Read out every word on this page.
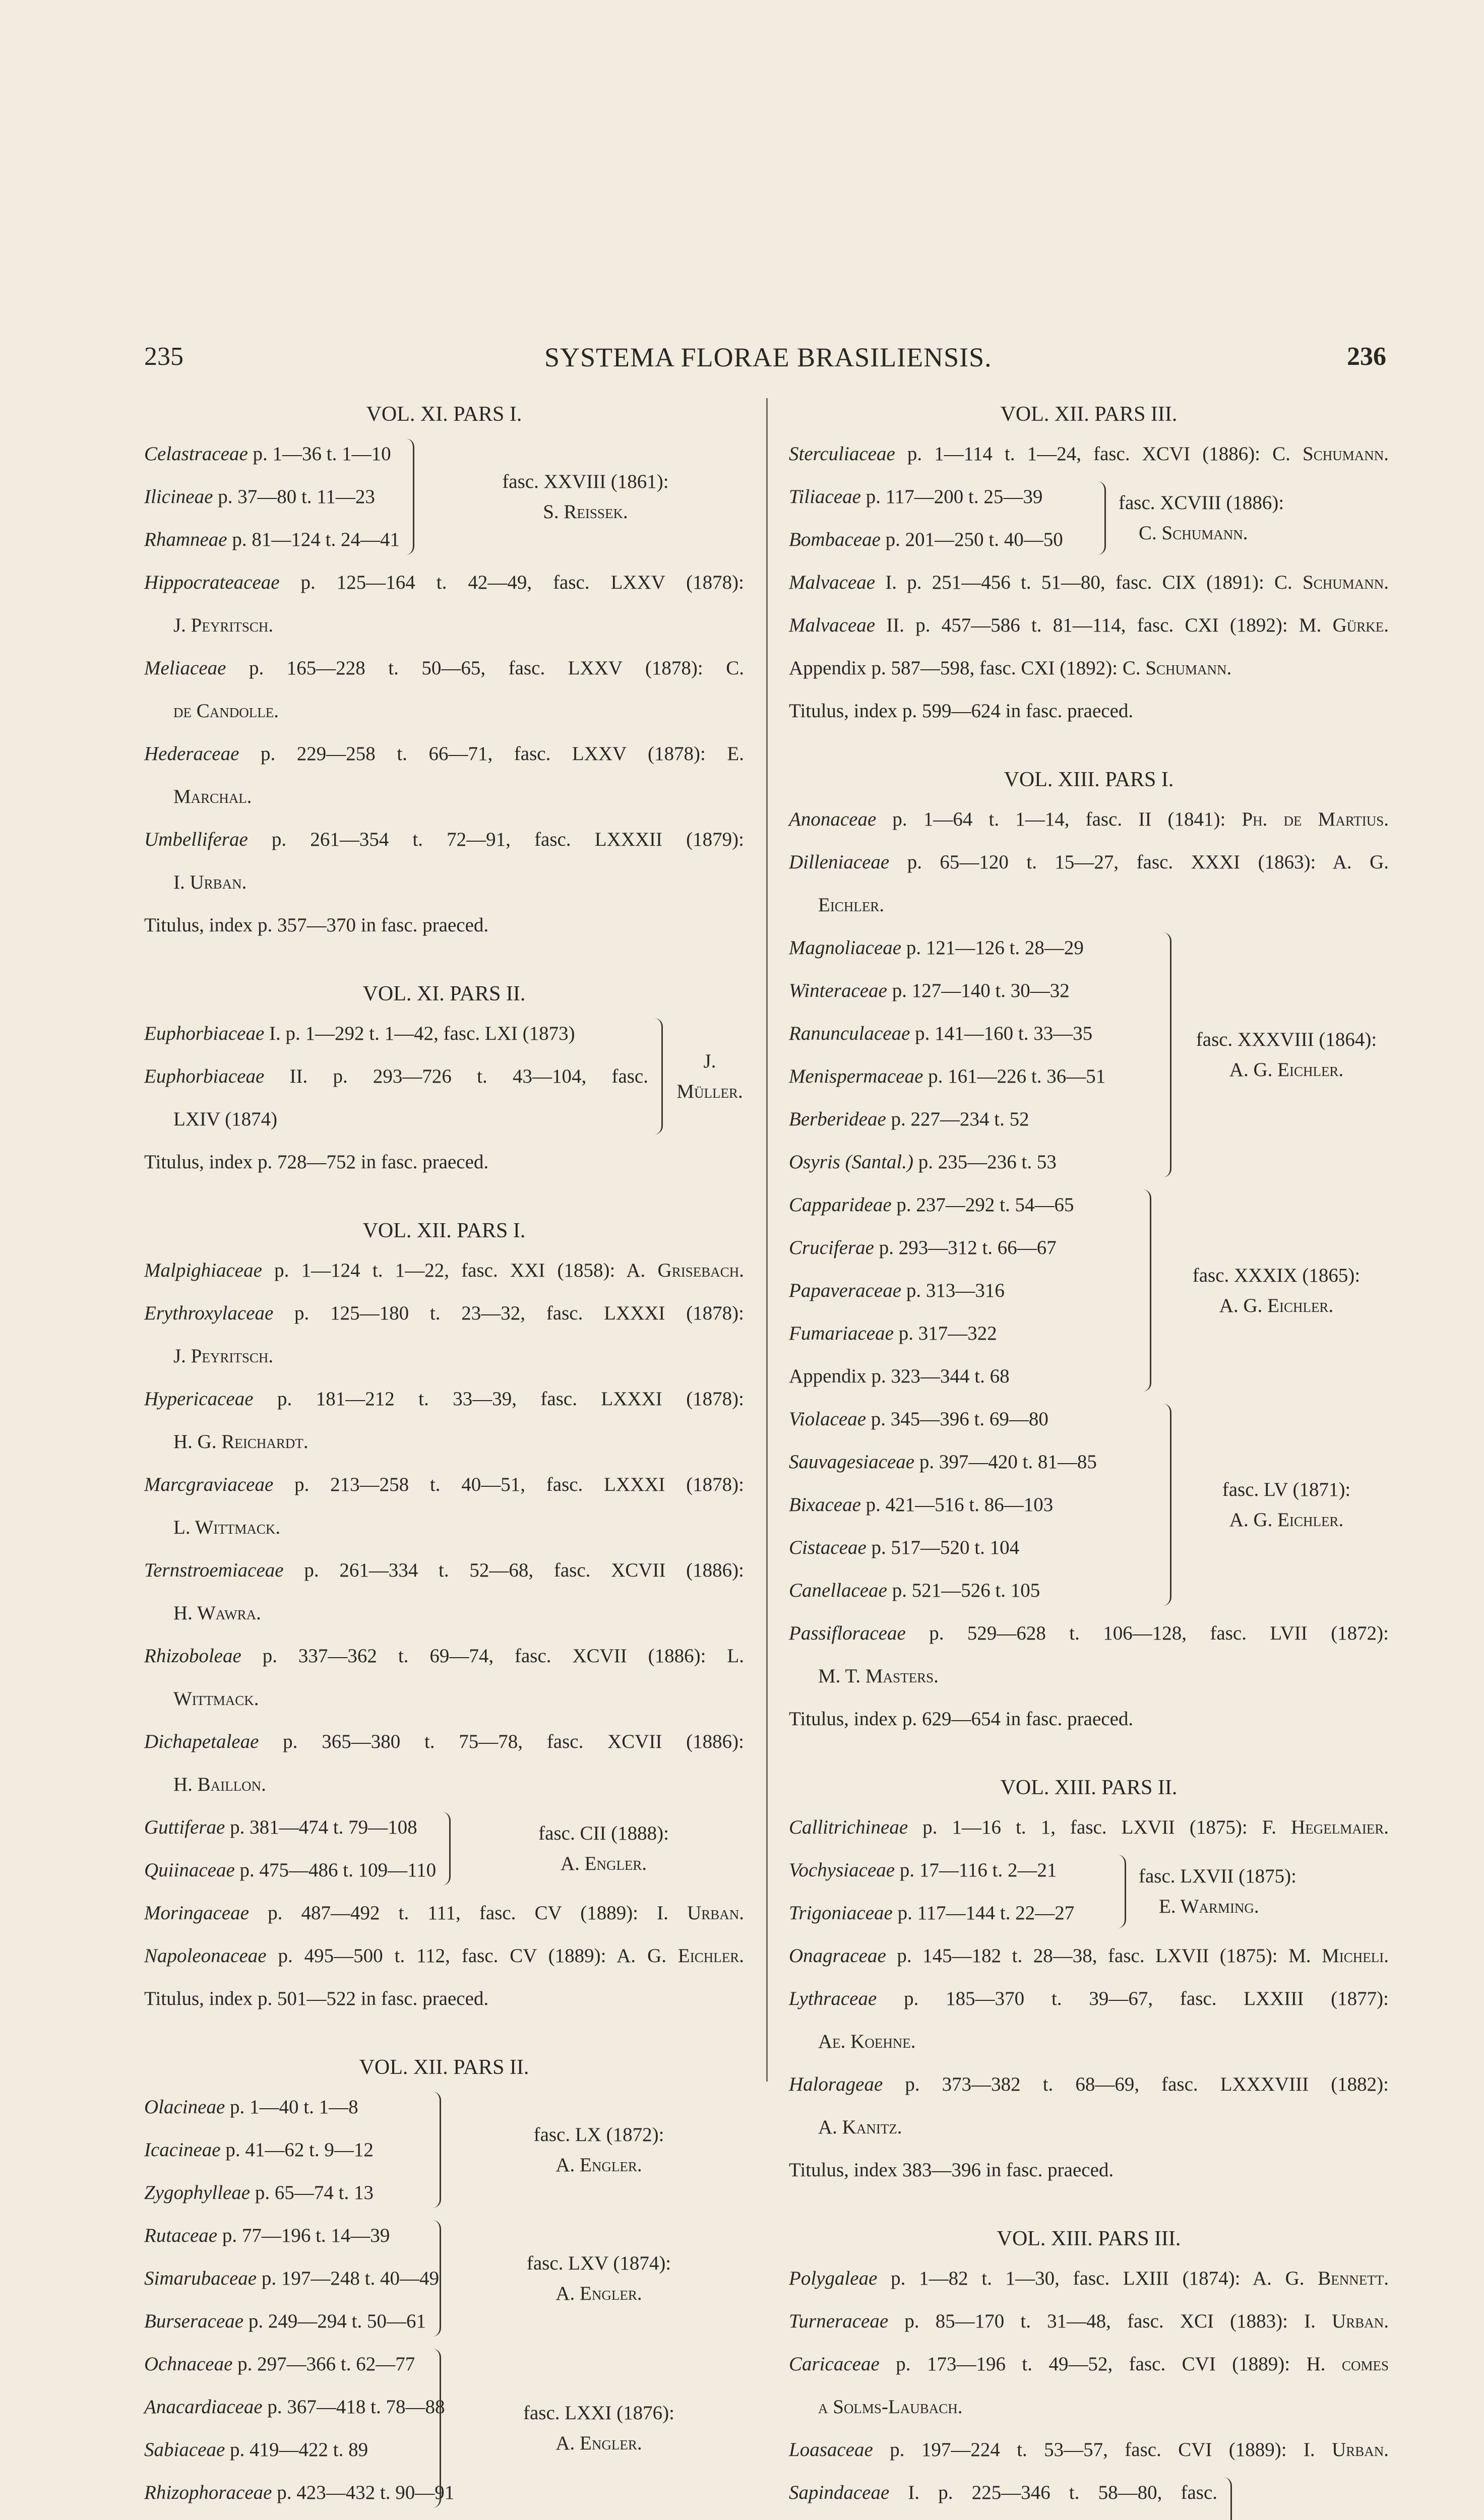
235	SYSTEMA FLORAE BRASILIENSIS.	236
VOL. XI. PARS I.
Celastraceae p. 1—36 t. 1—10
Ilicineae p. 37—80 t. 11—23
Rhamneae p. 81—124 t. 24—41
fasc. XXVIII (1861):
S. Reissek.
Hippocrateaceae p. 125—164 t. 42—49, fasc. LXXV (1878):
J. Peyritsch.
Meliaceae p. 165—228 t. 50—65, fasc. LXXV (1878): C.
de Candolle.
Hederaceae p. 229—258 t. 66—71, fasc. LXXV (1878): E.
Marchal.
Umbelliferae p. 261—354 t. 72—91, fasc. LXXXII (1879):
I. Urban.
Titulus, index p. 357—370 in fasc. praeced.
VOL. XI. PARS II.
Euphorbiaceae I. p. 1—292 t. 1—42, fasc. LXI (1873)
Euphorbiaceae II. p. 293—726 t. 43—104, fasc.
LXIV (1874)
J. Müller.
Titulus, index p. 728—752 in fasc. praeced.
VOL. XII. PARS I.
Malpighiaceae p. 1—124 t. 1—22, fasc. XXI (1858): A. Grisebach.
Erythroxylaceae p. 125—180 t. 23—32, fasc. LXXXI (1878):
J. Peyritsch.
Hypericaceae p. 181—212 t. 33—39, fasc. LXXXI (1878):
H. G. Reichardt.
Marcgraviaceae p. 213—258 t. 40—51, fasc. LXXXI (1878):
L. Wittmack.
Ternstroemiaceae p. 261—334 t. 52—68, fasc. XCVII (1886):
H. Wawra.
Rhizoboleae p. 337—362 t. 69—74, fasc. XCVII (1886): L.
Wittmack.
Dichapetaleae p. 365—380 t. 75—78, fasc. XCVII (1886):
H. Baillon.
Guttiferae p. 381—474 t. 79—108
Quiinaceae p. 475—486 t. 109—110
fasc. CII (1888):
A. Engler.
Moringaceae p. 487—492 t. 111, fasc. CV (1889): I. Urban.
Napoleonaceae p. 495—500 t. 112, fasc. CV (1889): A. G. Eichler.
Titulus, index p. 501—522 in fasc. praeced.
VOL. XII. PARS II.
Olacineae p. 1—40 t. 1—8
Icacineae p. 41—62 t. 9—12
Zygophylleae p. 65—74 t. 13
fasc. LX (1872):
A. Engler.
Rutaceae p. 77—196 t. 14—39
Simarubaceae p. 197—248 t. 40—49
Burseraceae p. 249—294 t. 50—61
fasc. LXV (1874):
A. Engler.
Ochnaceae p. 297—366 t. 62—77
Anacardiaceae p. 367—418 t. 78—88
Sabiaceae p. 419—422 t. 89
Rhizophoraceae p. 423—432 t. 90—91
fasc. LXXI (1876):
A. Engler.
VOL. XII. PARS III.
Sterculiaceae p. 1—114 t. 1—24, fasc. XCVI (1886): C. Schumann.
Tiliaceae p. 117—200 t. 25—39
Bombaceae p. 201—250 t. 40—50
fasc. XCVIII (1886):
C. Schumann.
Malvaceae I. p. 251—456 t. 51—80, fasc. CIX (1891): C. Schumann.
Malvaceae II. p. 457—586 t. 81—114, fasc. CXI (1892): M. Gürke.
Appendix p. 587—598, fasc. CXI (1892): C. Schumann.
Titulus, index p. 599—624 in fasc. praeced.
VOL. XIII. PARS I.
Anonaceae p. 1—64 t. 1—14, fasc. II (1841): Ph. de Martius.
Dilleniaceae p. 65—120 t. 15—27, fasc. XXXI (1863): A. G.
Eichler.
Magnoliaceae p. 121—126 t. 28—29
Winteraceae p. 127—140 t. 30—32
Ranunculaceae p. 141—160 t. 33—35
Menispermaceae p. 161—226 t. 36—51
Berberideae p. 227—234 t. 52
Osyris (Santal.) p. 235—236 t. 53
fasc. XXXVIII (1864):
A. G. Eichler.
Capparideae p. 237—292 t. 54—65
Cruciferae p. 293—312 t. 66—67
Papaveraceae p. 313—316
Fumariaceae p. 317—322
Appendix p. 323—344 t. 68
fasc. XXXIX (1865):
A. G. Eichler.
Violaceae p. 345—396 t. 69—80
Sauvagesiaceae p. 397—420 t. 81—85
Bixaceae p. 421—516 t. 86—103
Cistaceae p. 517—520 t. 104
Canellaceae p. 521—526 t. 105
fasc. LV (1871):
A. G. Eichler.
Passifloraceae p. 529—628 t. 106—128, fasc. LVII (1872):
M. T. Masters.
Titulus, index p. 629—654 in fasc. praeced.
VOL. XIII. PARS II.
Callitrichineae p. 1—16 t. 1, fasc. LXVII (1875): F. Hegelmaier.
Vochysiaceae p. 17—116 t. 2—21
Trigoniaceae p. 117—144 t. 22—27
fasc. LXVII (1875):
E. Warming.
Onagraceae p. 145—182 t. 28—38, fasc. LXVII (1875): M. Micheli.
Lythraceae p. 185—370 t. 39—67, fasc. LXXIII (1877):
Ae. Koehne.
Halorageae p. 373—382 t. 68—69, fasc. LXXXVIII (1882):
A. Kanitz.
Titulus, index 383—396 in fasc. praeced.
VOL. XIII. PARS III.
Polygaleae p. 1—82 t. 1—30, fasc. LXIII (1874): A. G. Bennett.
Turneraceae p. 85—170 t. 31—48, fasc. XCI (1883): I. Urban.
Caricaceae p. 173—196 t. 49—52, fasc. CVI (1889): H. comes
a Solms-Laubach.
Loasaceae p. 197—224 t. 53—57, fasc. CVI (1889): I. Urban.
Sapindaceae I. p. 225—346 t. 58—80, fasc.
